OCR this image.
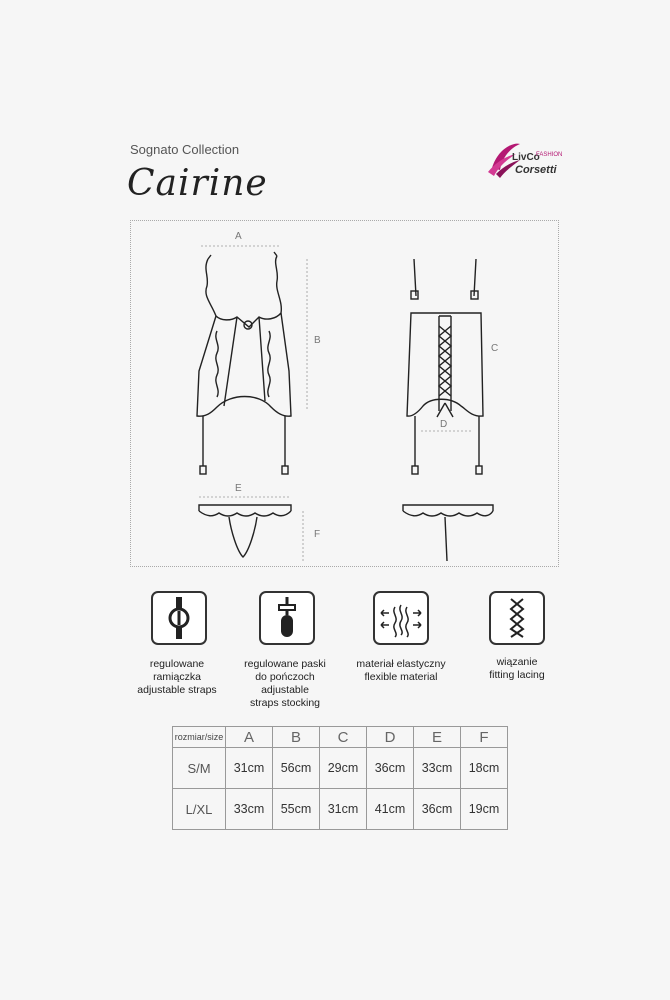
Sognato Collection
Cairine
LivCo
FASHION
Corsetti
A
B
C
D
E
F
regulowane
ramiączka
adjustable straps
regulowane paski
do pończoch
adjustable
straps stocking
materiał elastyczny
flexible material
wiązanie
fitting lacing
rozmiar/size	A	B	C	D	E	F
S/M	31cm	56cm	29cm	36cm	33cm	18cm
L/XL	33cm	55cm	31cm	41cm	36cm	19cm
